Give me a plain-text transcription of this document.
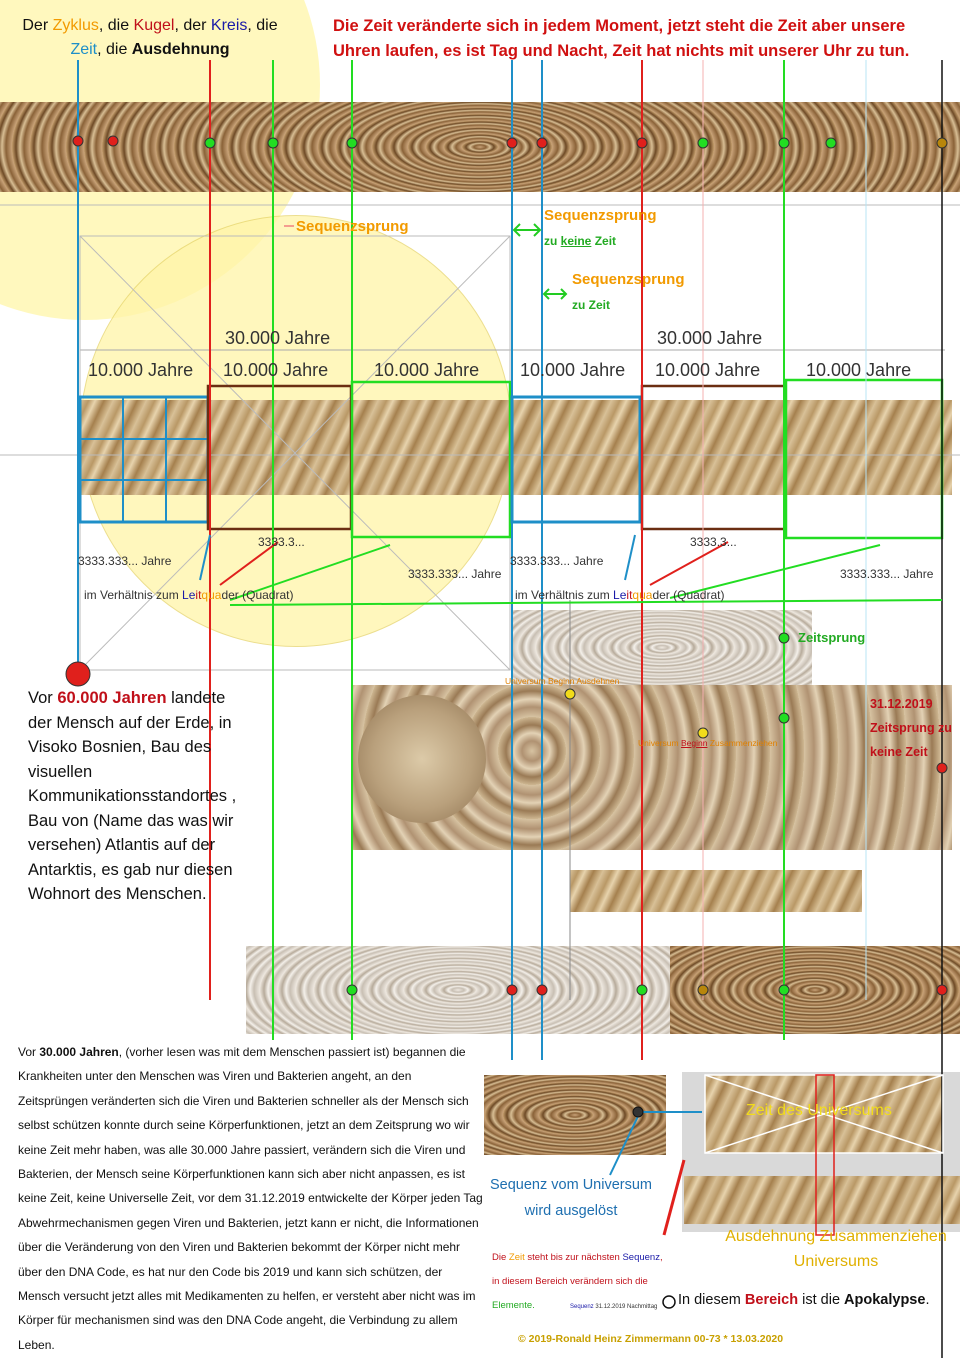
Der Zyklus, die Kugel, der Kreis, die
Zeit, die Ausdehnung
Die Zeit veränderte sich in jedem Moment, jetzt steht die Zeit aber unsere
Uhren laufen, es ist Tag und Nacht, Zeit hat nichts mit unserer Uhr zu tun.
Sequenzsprung
Sequenzsprung
zu keine Zeit
Sequenzsprung
zu Zeit
30.000 Jahre	30.000 Jahre
10.000 Jahre 10.000 Jahre	10.000 Jahre 10.000 Jahre 10.000 Jahre	10.000 Jahre
3333.333... Jahre
3333.3...
3333.333... Jahre
3333.333... Jahre
3333.3...
3333.333... Jahre
im Verhältnis zum Leitquader (Quadrat)	im Verhältnis zum Leitquader (Quadrat)
Zeitsprung
Universum Beginn Ausdehnen
Universum Beginn Zusammenziehen
31.12.2019
Zeitsprung zu
keine Zeit
Vor 60.000 Jahren landete der Mensch auf der Erde, in Visoko Bosnien, Bau des visuellen Kommunikationsstandortes , Bau von (Name das was wir versehen) Atlantis auf der Antarktis, es gab nur diesen Wohnort des Menschen.
Vor 30.000 Jahren, (vorher lesen was mit dem Menschen passiert ist) begannen die Krankheiten unter den Menschen was Viren und Bakterien angeht, an den Zeitsprüngen veränderten sich die Viren und Bakterien schneller als der Mensch sich selbst schützen konnte durch seine Körperfunktionen, jetzt an dem Zeitsprung wo wir keine Zeit mehr haben, was alle 30.000 Jahre passiert, verändern sich die Viren und Bakterien, der Mensch seine Körperfunktionen kann sich aber nicht anpassen, es ist keine Zeit, keine Universelle Zeit, vor dem 31.12.2019 entwickelte der Körper jeden Tag Abwehrmechanismen gegen Viren und Bakterien, jetzt kann er nicht, die Informationen über die Veränderung von den Viren und Bakterien bekommt der Körper nicht mehr über den DNA Code, es hat nur den Code bis 2019 und kann sich schützen, der Mensch versucht jetzt alles mit Medikamenten zu helfen, er versteht aber nicht was im Körper für mechanismen sind was den DNA Code angeht, die Verbindung zu allem Leben.
Zeit des Universums
Sequenz vom Universum
wird ausgelöst
Ausdehnung Zusammenziehen
Universums
Die Zeit steht bis zur nächsten Sequenz,
in diesem Bereich verändern sich die
Elemente.	Sequenz 31.12.2019 Nachmittag In diesem Bereich ist die Apokalypse.
© 2019-Ronald Heinz Zimmermann 00-73 * 13.03.2020
